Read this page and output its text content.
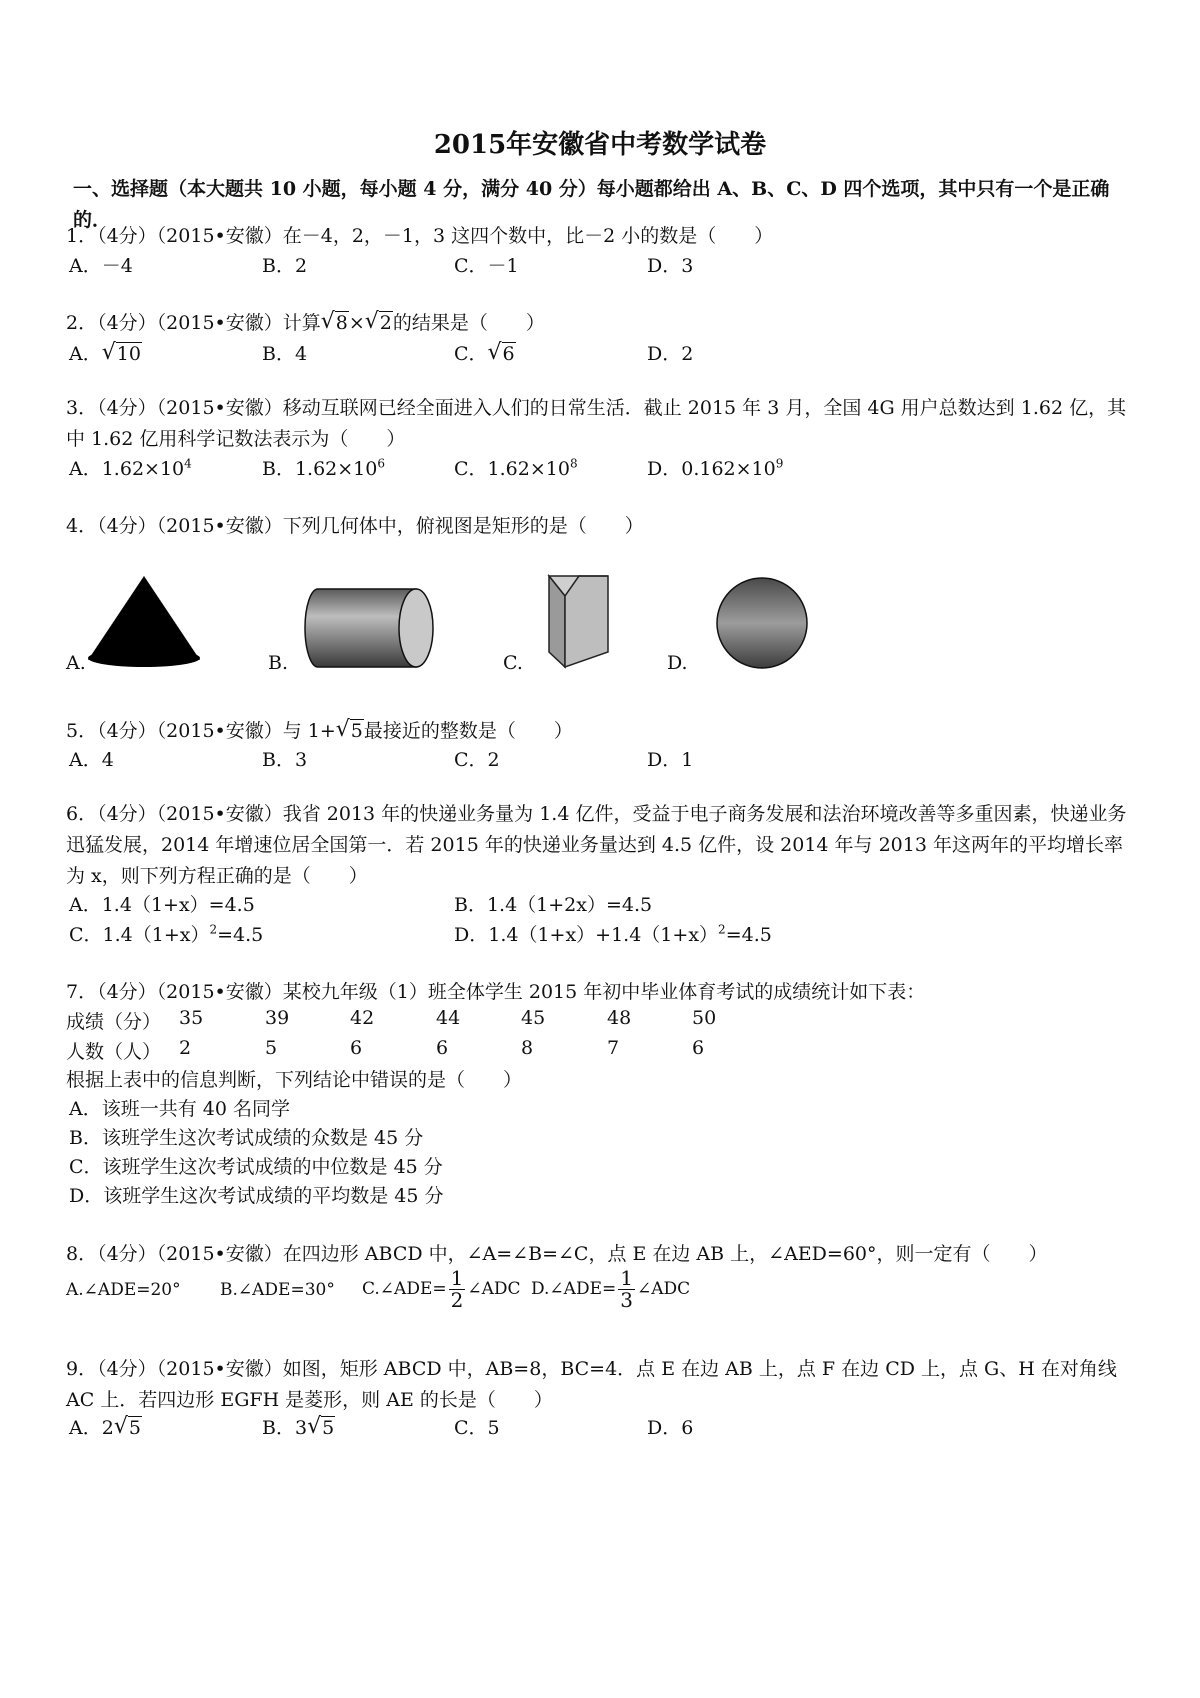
2015年安徽省中考数学试卷
一、选择题（本大题共 10 小题，每小题 4 分，满分 40 分）每小题都给出 A、B、C、D 四个选项，其中只有一个是正确的．
1．（4分）（2015•安徽）在－4，2，－1，3 这四个数中，比－2 小的数是（　　）
A．－4	B．2	C．－1	D．3
2．（4分）（2015•安徽）计算 √ 8× √ 2的结果是（　　）
A． √ 10	B．4	C． √ 6	D．2
3．（4分）（2015•安徽）移动互联网已经全面进入人们的日常生活．截止 2015 年 3 月，全国 4G 用户总数达到 1.62 亿，其中 1.62 亿用科学记数法表示为（　　）
A．$1.62\times 10^4$	B．$1.62\times 10^6$	C．$1.62\times 10^8$	D．$0.162\times 10^9$
4．（4分）（2015•安徽）下列几何体中，俯视图是矩形的是（　　）
A.	B.	C.	D.
5．（4分）（2015•安徽）与 1+ √ 5最接近的整数是（　　）
A．4	B．3	C．2	D．1
6．（4分）（2015•安徽）我省 2013 年的快递业务量为 1.4 亿件，受益于电子商务发展和法治环境改善等多重因素，快递业务迅猛发展，2014 年增速位居全国第一．若 2015 年的快递业务量达到 4.5 亿件，设 2014 年与 2013 年这两年的平均增长率为 x，则下列方程正确的是（　　）
A．1.4（1+x）=4.5	B．1.4（1+2x）=4.5
C．$1.4(1+x)^2=4.5$	D．$1.4(1+x)+1.4(1+x)^2=4.5$
7．（4分）（2015•安徽）某校九年级（1）班全体学生 2015 年初中毕业体育考试的成绩统计如下表：
成绩（分） 35	39	42	44	45	48	50
人数（人） 2	5	6	6	8	7	6
根据上表中的信息判断，下列结论中错误的是（　　）
A．该班一共有 40 名同学
B．该班学生这次考试成绩的众数是 45 分
C．该班学生这次考试成绩的中位数是 45 分
D．该班学生这次考试成绩的平均数是 45 分
8．（4分）（2015•安徽）在四边形 ABCD 中，∠A=∠B=∠C，点 E 在边 AB 上，∠AED=60°，则一定有（　　）
A.∠ADE=20° B.∠ADE=30° C.∠ADE= $\frac{1}{2}$ ∠ADC D.∠ADE= $\frac{1}{3}$ ∠ADC
9．（4分）（2015•安徽）如图，矩形 ABCD 中，AB=8，BC=4．点 E 在边 AB 上，点 F 在边 CD 上，点 G、H 在对角线 AC 上．若四边形 EGFH 是菱形，则 AE 的长是（　　）
A．2 √ 5	B．3 √ 5	C．5	D．6
